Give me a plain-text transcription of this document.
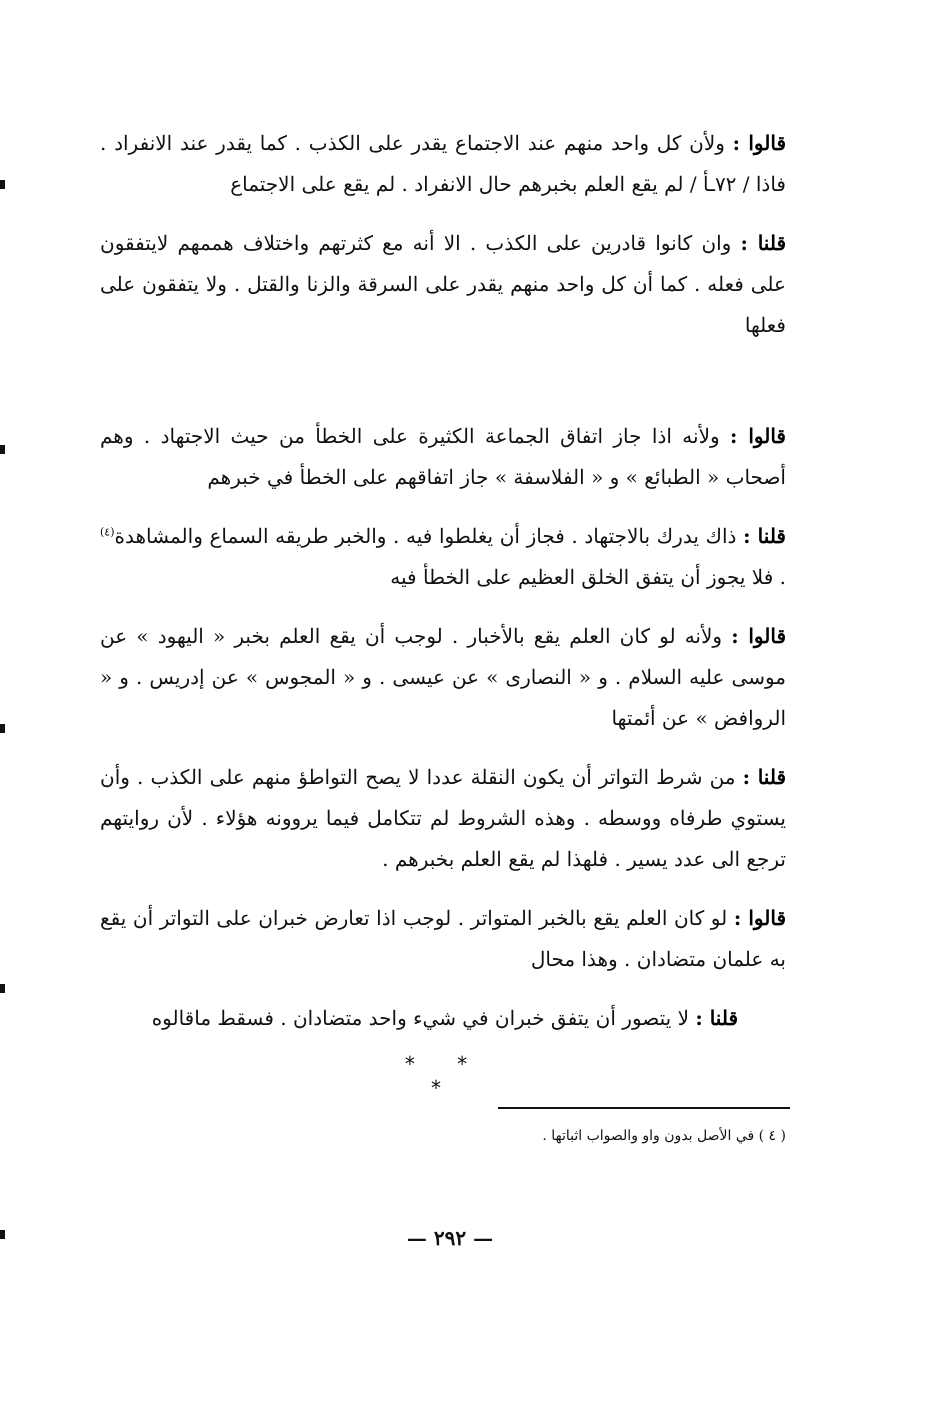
قالوا : ولأن كل واحد منهم عند الاجتماع يقدر على الكذب . كما يقدر عند الانفراد . فاذا / ٧٢ـأ / لم يقع العلم بخبرهم حال الانفراد . لم يقع على الاجتماع

قلنا : وان كانوا قادرين على الكذب . الا أنه مع كثرتهم واختلاف هممهم لايتفقون على فعله . كما أن كل واحد منهم يقدر على السرقة والزنا والقتل . ولا يتفقون على فعلها

قالوا : ولأنه اذا جاز اتفاق الجماعة الكثيرة على الخطأ من حيث الاجتهاد . وهم أصحاب « الطبائع » و « الفلاسفة » جاز اتفاقهم على الخطأ في خبرهم

قلنا : ذاك يدرك بالاجتهاد . فجاز أن يغلطوا فيه . والخبر طريقه السماع والمشاهدة$^{(٤)}$ . فلا يجوز أن يتفق الخلق العظيم على الخطأ فيه

قالوا : ولأنه لو كان العلم يقع بالأخبار . لوجب أن يقع العلم بخبر « اليهود » عن موسى عليه السلام . و « النصارى » عن عيسى . و « المجوس » عن إدريس . و « الروافض » عن أئمتها

قلنا : من شرط التواتر أن يكون النقلة عددا لا يصح التواطؤ منهم على الكذب . وأن يستوي طرفاه ووسطه . وهذه الشروط لم تتكامل فيما يروونه هؤلاء . لأن روايتهم ترجع الى عدد يسير . فلهذا لم يقع العلم بخبرهم .

قالوا : لو كان العلم يقع بالخبر المتواتر . لوجب اذا تعارض خبران على التواتر أن يقع به علمان متضادان . وهذا محال

قلنا : لا يتصور أن يتفق خبران في شيء واحد متضادان . فسقط ماقالوه

* * *
( ٤ ) في الأصل بدون واو والصواب اثباتها .
— ٢٩٢ —
